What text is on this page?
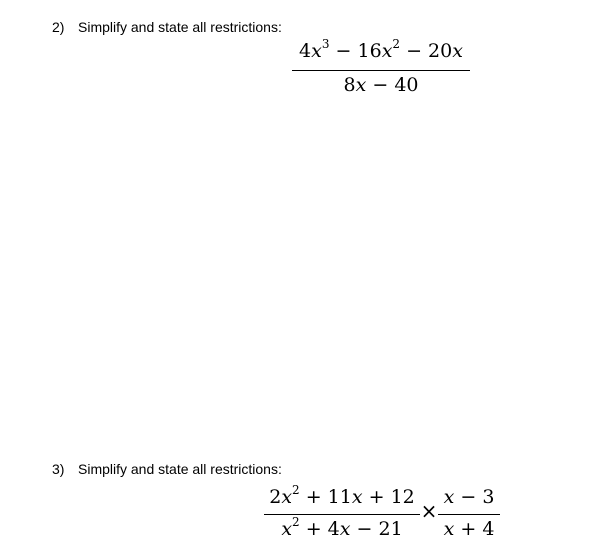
2) Simplify and state all restrictions:
$4x^3 - 16x^2 - 20x$
8x − 40
3) Simplify and state all restrictions:
$2x^2 + 11x + 12$
$x^2 + 4x - 21$
×
x − 3
x + 4
